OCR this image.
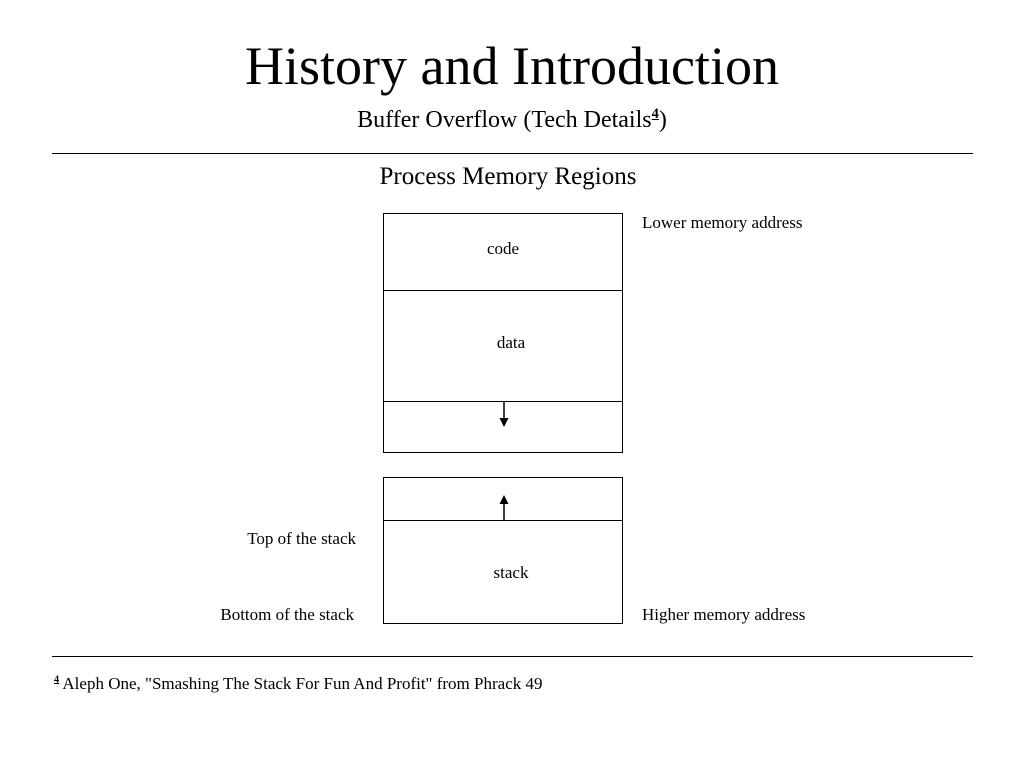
History and Introduction
Buffer Overflow (Tech Details$^4$)
Process Memory Regions
code
data
stack
Lower memory address
Higher memory address
Top of the stack
Bottom of the stack
$^4$ Aleph One, "Smashing The Stack For Fun And Profit" from Phrack 49
